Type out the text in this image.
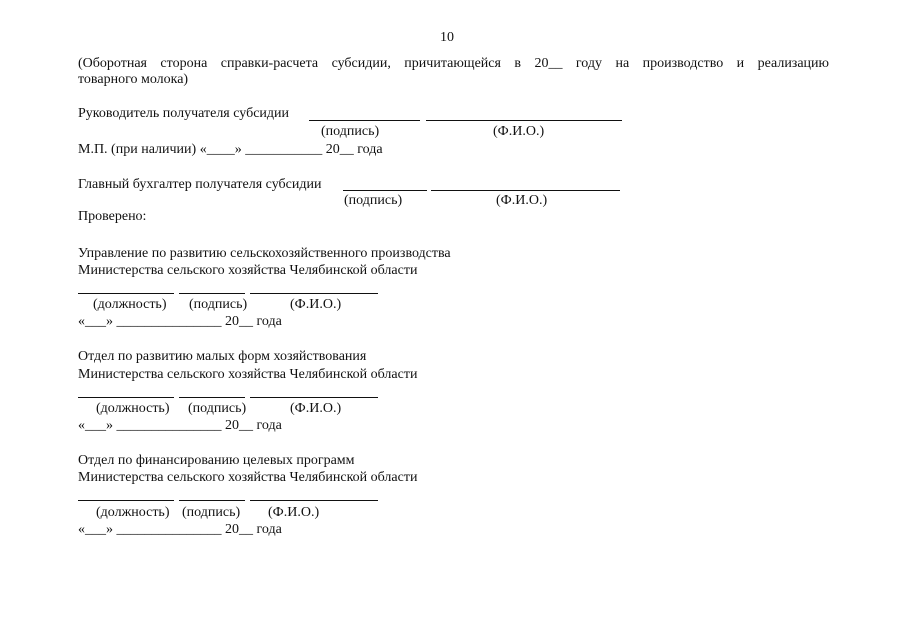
10
(Оборотная сторона справки-расчета субсидии, причитающейся в 20__ году на производство и реализацию
товарного молока)
Руководитель получателя субсидии
(подпись)	(Ф.И.О.)
М.П. (при наличии) «____» ___________ 20__ года
Главный бухгалтер получателя субсидии
(подпись)	(Ф.И.О.)
Проверено:
Управление по развитию сельскохозяйственного производства
Министерства сельского хозяйства Челябинской области
(должность) (подпись)	(Ф.И.О.)
«___» _______________ 20__ года
Отдел по развитию малых форм хозяйствования
Министерства сельского хозяйства Челябинской области
(должность) (подпись)	(Ф.И.О.)
«___» _______________ 20__ года
Отдел по финансированию целевых программ
Министерства сельского хозяйства Челябинской области
(должность) (подпись) (Ф.И.О.)
«___» _______________ 20__ года
